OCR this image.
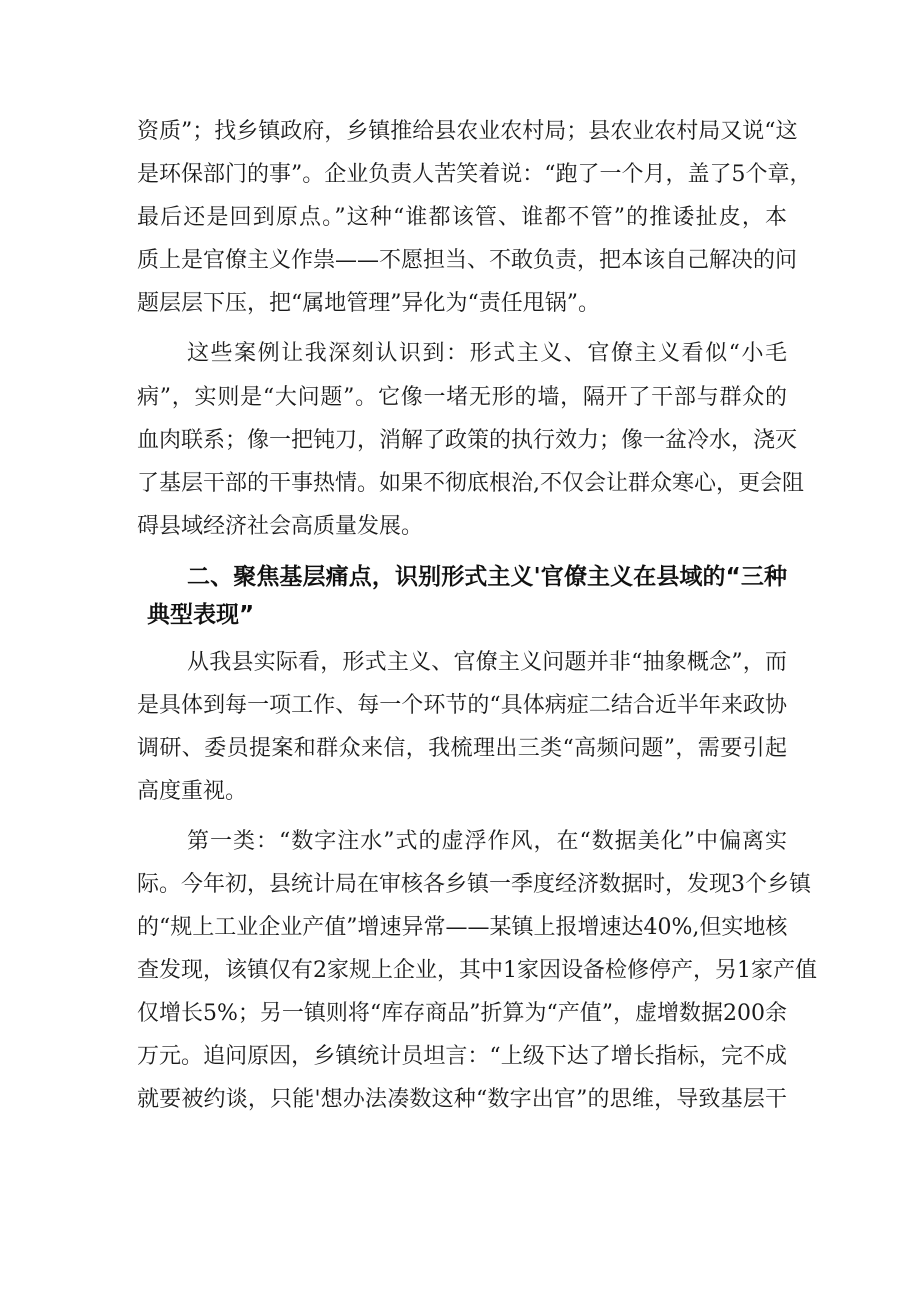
资质”；找乡镇政府，乡镇推给县农业农村局；县农业农村局又说“这
是环保部门的事”。企业负责人苦笑着说：“跑了一个月，盖了5个章，
最后还是回到原点。”这种“谁都该管、谁都不管”的推诿扯皮，本
质上是官僚主义作祟——不愿担当、不敢负责，把本该自己解决的问
题层层下压，把“属地管理”异化为“责任甩锅”。
这些案例让我深刻认识到：形式主义、官僚主义看似“小毛
病”，实则是“大问题”。它像一堵无形的墙，隔开了干部与群众的
血肉联系；像一把钝刀，消解了政策的执行效力；像一盆冷水，浇灭
了基层干部的干事热情。如果不彻底根治,不仅会让群众寒心，更会阻
碍县域经济社会高质量发展。
二、聚焦基层痛点，识别形式主义'官僚主义在县域的“三种
典型表现”
从我县实际看，形式主义、官僚主义问题并非“抽象概念”，而
是具体到每一项工作、每一个环节的“具体病症二结合近半年来政协
调研、委员提案和群众来信，我梳理出三类“高频问题”，需要引起
高度重视。
第一类：“数字注水”式的虚浮作风，在“数据美化”中偏离实
际。今年初，县统计局在审核各乡镇一季度经济数据时，发现3个乡镇
的“规上工业企业产值”增速异常——某镇上报增速达40%,但实地核
查发现，该镇仅有2家规上企业，其中1家因设备检修停产，另1家产值
仅增长5%；另一镇则将“库存商品”折算为“产值”，虚增数据200余
万元。追问原因，乡镇统计员坦言：“上级下达了增长指标，完不成
就要被约谈，只能'想办法凑数这种“数字出官”的思维，导致基层干
